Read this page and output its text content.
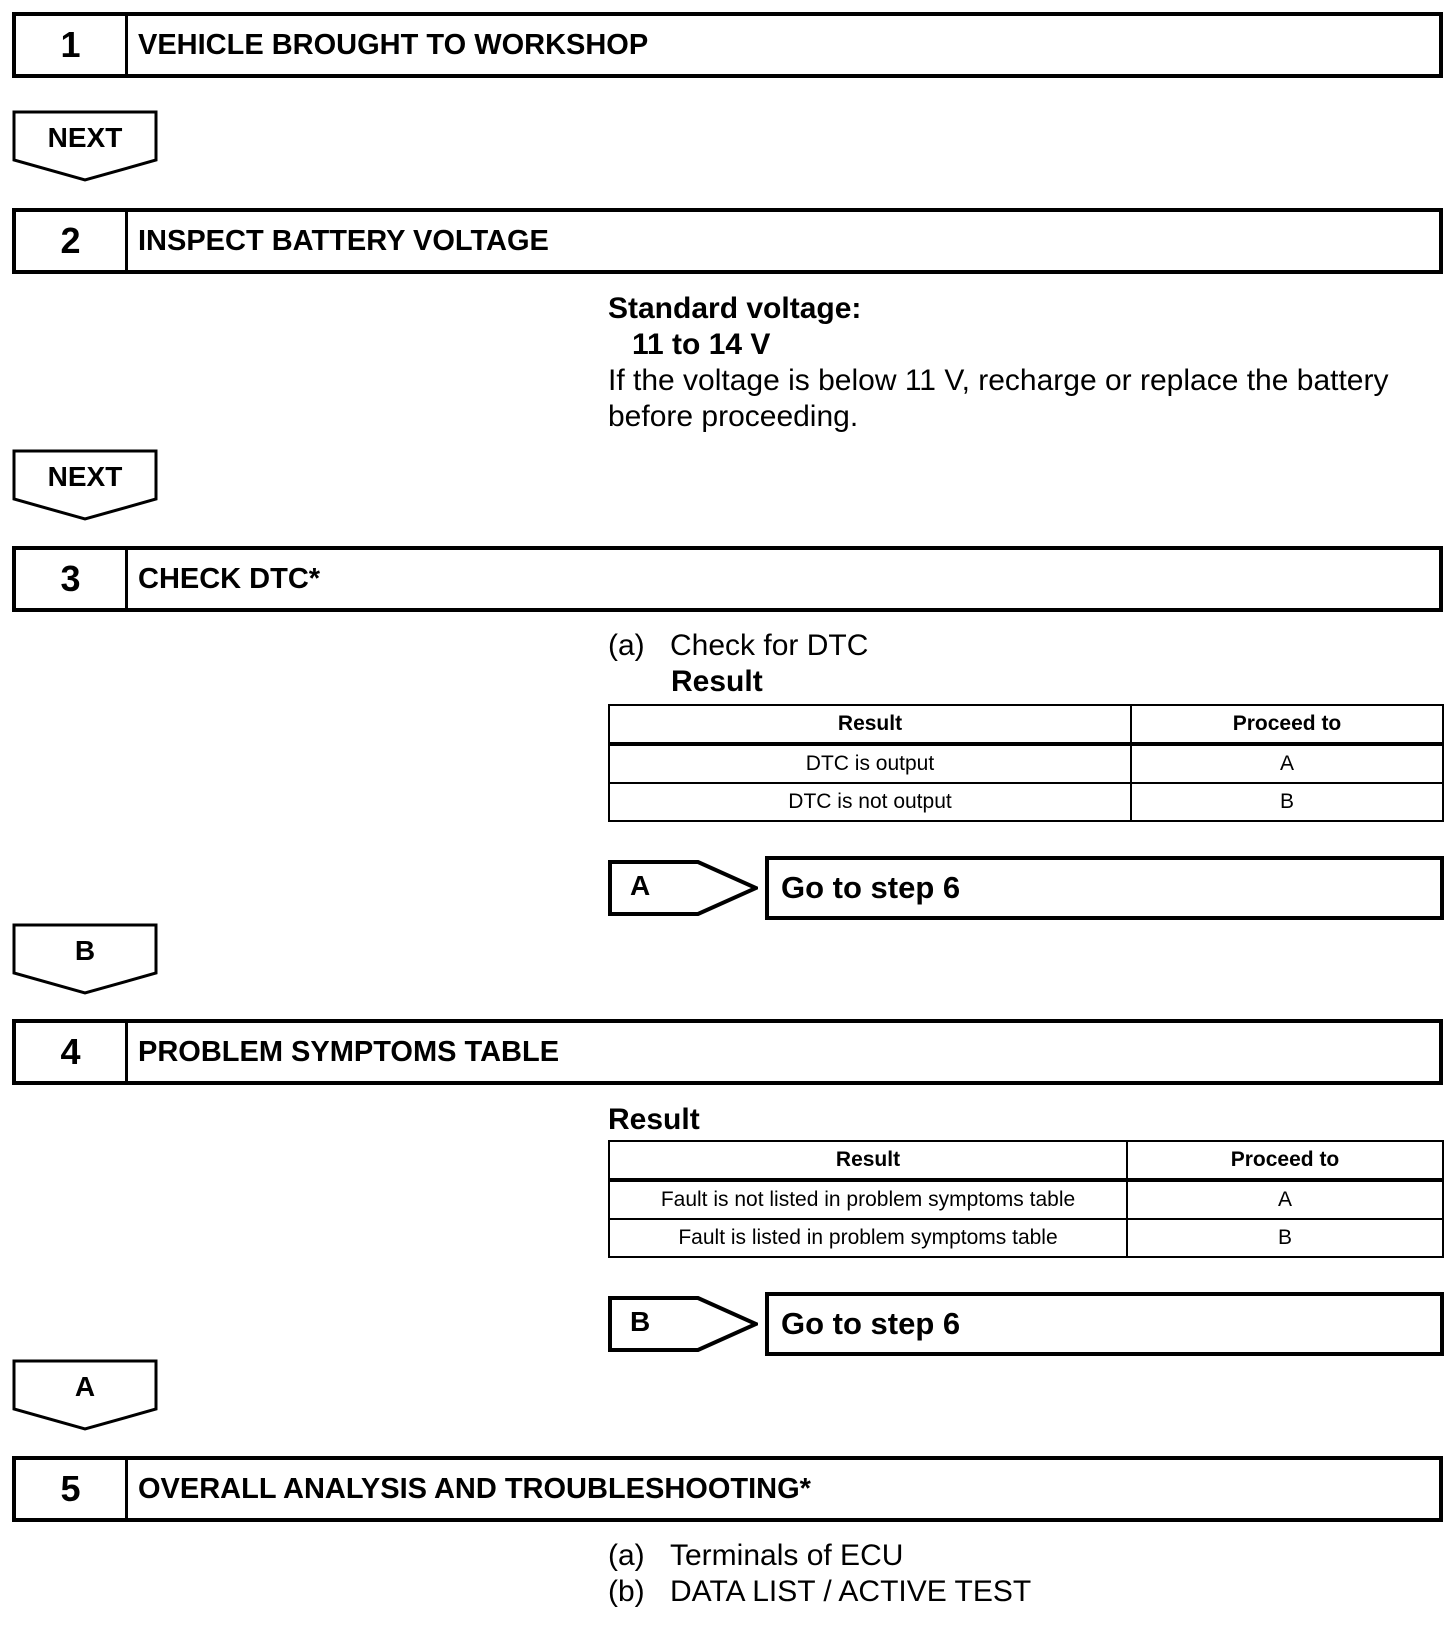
1	VEHICLE BROUGHT TO WORKSHOP
NEXT
2	INSPECT BATTERY VOLTAGE
Standard voltage:
11 to 14 V
If the voltage is below 11 V, recharge or replace the battery
before proceeding.
NEXT
3	CHECK DTC*
(a) Check for DTC
Result
Result	Proceed to
DTC is output	A
DTC is not output	B
A	Go to step 6
B
4	PROBLEM SYMPTOMS TABLE
Result
Result	Proceed to
Fault is not listed in problem symptoms table	A
Fault is listed in problem symptoms table	B
B	Go to step 6
A
5	OVERALL ANALYSIS AND TROUBLESHOOTING*
(a) Terminals of ECU
(b) DATA LIST / ACTIVE TEST
